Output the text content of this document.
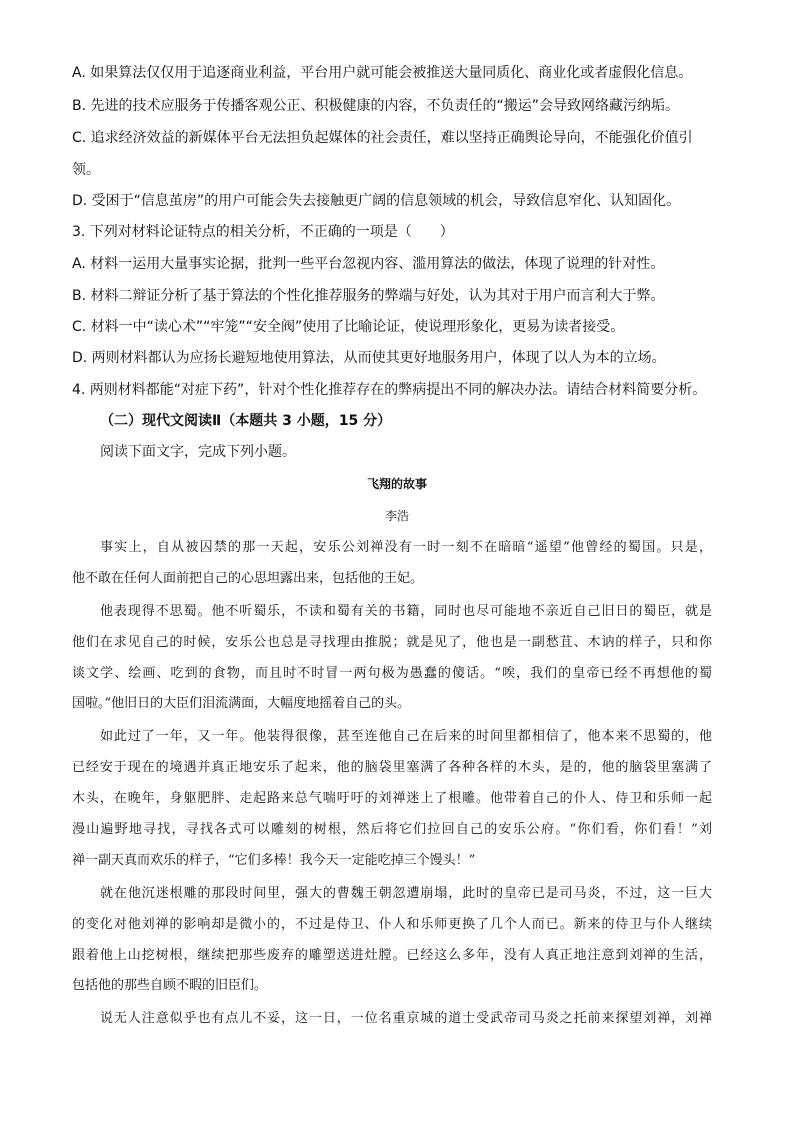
A. 如果算法仅仅用于追逐商业利益，平台用户就可能会被推送大量同质化、商业化或者虚假化信息。
B. 先进的技术应服务于传播客观公正、积极健康的内容，不负责任的“搬运”会导致网络藏污纳垢。
C. 追求经济效益的新媒体平台无法担负起媒体的社会责任，难以坚持正确舆论导向，不能强化价值引
领。
D. 受困于“信息茧房”的用户可能会失去接触更广阔的信息领域的机会，导致信息窄化、认知固化。
3. 下列对材料论证特点的相关分析，不正确的一项是（　　）
A. 材料一运用大量事实论据，批判一些平台忽视内容、滥用算法的做法，体现了说理的针对性。
B. 材料二辩证分析了基于算法的个性化推荐服务的弊端与好处，认为其对于用户而言利大于弊。
C. 材料一中“读心术”“牢笼”“安全阀”使用了比喻论证，使说理形象化，更易为读者接受。
D. 两则材料都认为应扬长避短地使用算法，从而使其更好地服务用户，体现了以人为本的立场。
4. 两则材料都能“对症下药”，针对个性化推荐存在的弊病提出不同的解决办法。请结合材料简要分析。
（二）现代文阅读Ⅱ（本题共 3 小题，15 分）
阅读下面文字，完成下列小题。
飞翔的故事
李浩
事实上，自从被囚禁的那一天起，安乐公刘禅没有一时一刻不在暗暗“遥望”他曾经的蜀国。只是，
他不敢在任何人面前把自己的心思坦露出来，包括他的王妃。
他表现得不思蜀。他不听蜀乐，不读和蜀有关的书籍，同时也尽可能地不亲近自己旧日的蜀臣，就是
他们在求见自己的时候，安乐公也总是寻找理由推脱；就是见了，他也是一副愁苴、木讷的样子，只和你
谈文学、绘画、吃到的食物，而且时不时冒一两句极为愚蠢的傻话。“唉，我们的皇帝已经不再想他的蜀
国啦。”他旧日的大臣们泪流满面，大幅度地摇着自己的头。
如此过了一年，又一年。他装得很像，甚至连他自己在后来的时间里都相信了，他本来不思蜀的，他
已经安于现在的境遇并真正地安乐了起来，他的脑袋里塞满了各种各样的木头，是的，他的脑袋里塞满了
木头，在晚年，身躯肥胖、走起路来总气喘吁吁的刘禅迷上了根雕。他带着自己的仆人、侍卫和乐师一起
漫山遍野地寻找，寻找各式可以雕刻的树根，然后将它们拉回自己的安乐公府。“你们看，你们看！”刘
禅一副天真而欢乐的样子，“它们多棒！我今天一定能吃掉三个馒头！”
就在他沉迷根雕的那段时间里，强大的曹魏王朝忽遭崩塌，此时的皇帝已是司马炎，不过，这一巨大
的变化对他刘禅的影响却是微小的，不过是侍卫、仆人和乐师更换了几个人而已。新来的侍卫与仆人继续
跟着他上山挖树根，继续把那些废弃的雕塑送进灶膛。已经这么多年，没有人真正地注意到刘禅的生活，
包括他的那些自顾不暇的旧臣们。
说无人注意似乎也有点儿不妥，这一日，一位名重京城的道士受武帝司马炎之托前来探望刘禅，刘禅
